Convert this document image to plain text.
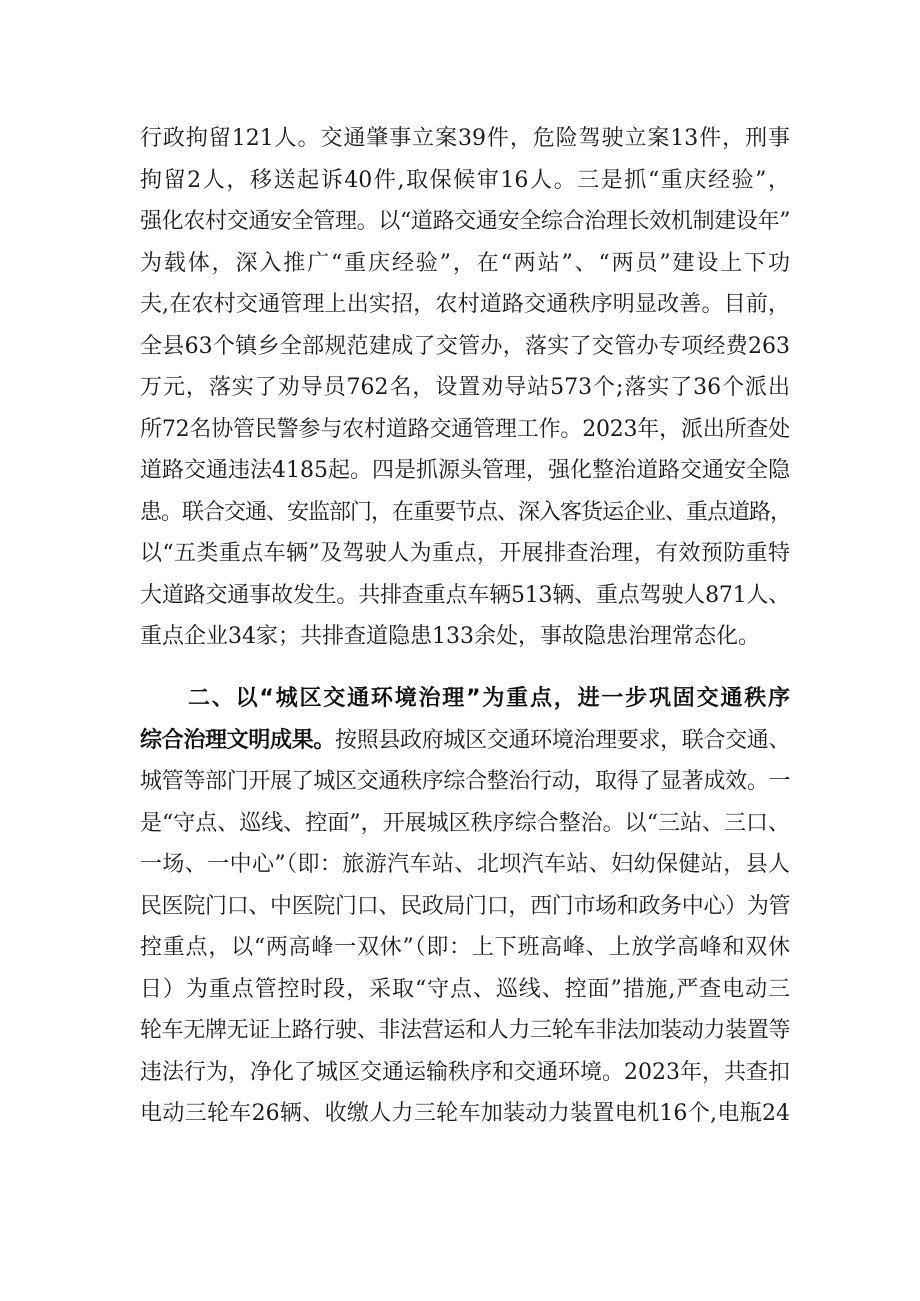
行政拘留121人。交通肇事立案39件，危险驾驶立案13件，刑事
拘留2人，移送起诉40件,取保候审16人。三是抓“重庆经验”，
强化农村交通安全管理。以“道路交通安全综合治理长效机制建设年”
为载体，深入推广“重庆经验”，在“两站”、“两员”建设上下功
夫,在农村交通管理上出实招，农村道路交通秩序明显改善。目前，
全县63个镇乡全部规范建成了交管办，落实了交管办专项经费263
万元，落实了劝导员762名，设置劝导站573个;落实了36个派出
所72名协管民警参与农村道路交通管理工作。2023年，派出所查处
道路交通违法4185起。四是抓源头管理，强化整治道路交通安全隐
患。联合交通、安监部门，在重要节点、深入客货运企业、重点道路，
以“五类重点车辆”及驾驶人为重点，开展排查治理，有效预防重特
大道路交通事故发生。共排查重点车辆513辆、重点驾驶人871人、
重点企业34家；共排查道隐患133余处，事故隐患治理常态化。
二、以“城区交通环境治理”为重点，进一步巩固交通秩序
综合治理文明成果。按照县政府城区交通环境治理要求，联合交通、
城管等部门开展了城区交通秩序综合整治行动，取得了显著成效。一
是“守点、巡线、控面”，开展城区秩序综合整治。以“三站、三口、
一场、一中心”（即：旅游汽车站、北坝汽车站、妇幼保健站，县人
民医院门口、中医院门口、民政局门口，西门市场和政务中心）为管
控重点，以“两高峰一双休”（即：上下班高峰、上放学高峰和双休
日）为重点管控时段，采取“守点、巡线、控面”措施,严查电动三
轮车无牌无证上路行驶、非法营运和人力三轮车非法加装动力装置等
违法行为，净化了城区交通运输秩序和交通环境。2023年，共查扣
电动三轮车26辆、收缴人力三轮车加装动力装置电机16个,电瓶24
